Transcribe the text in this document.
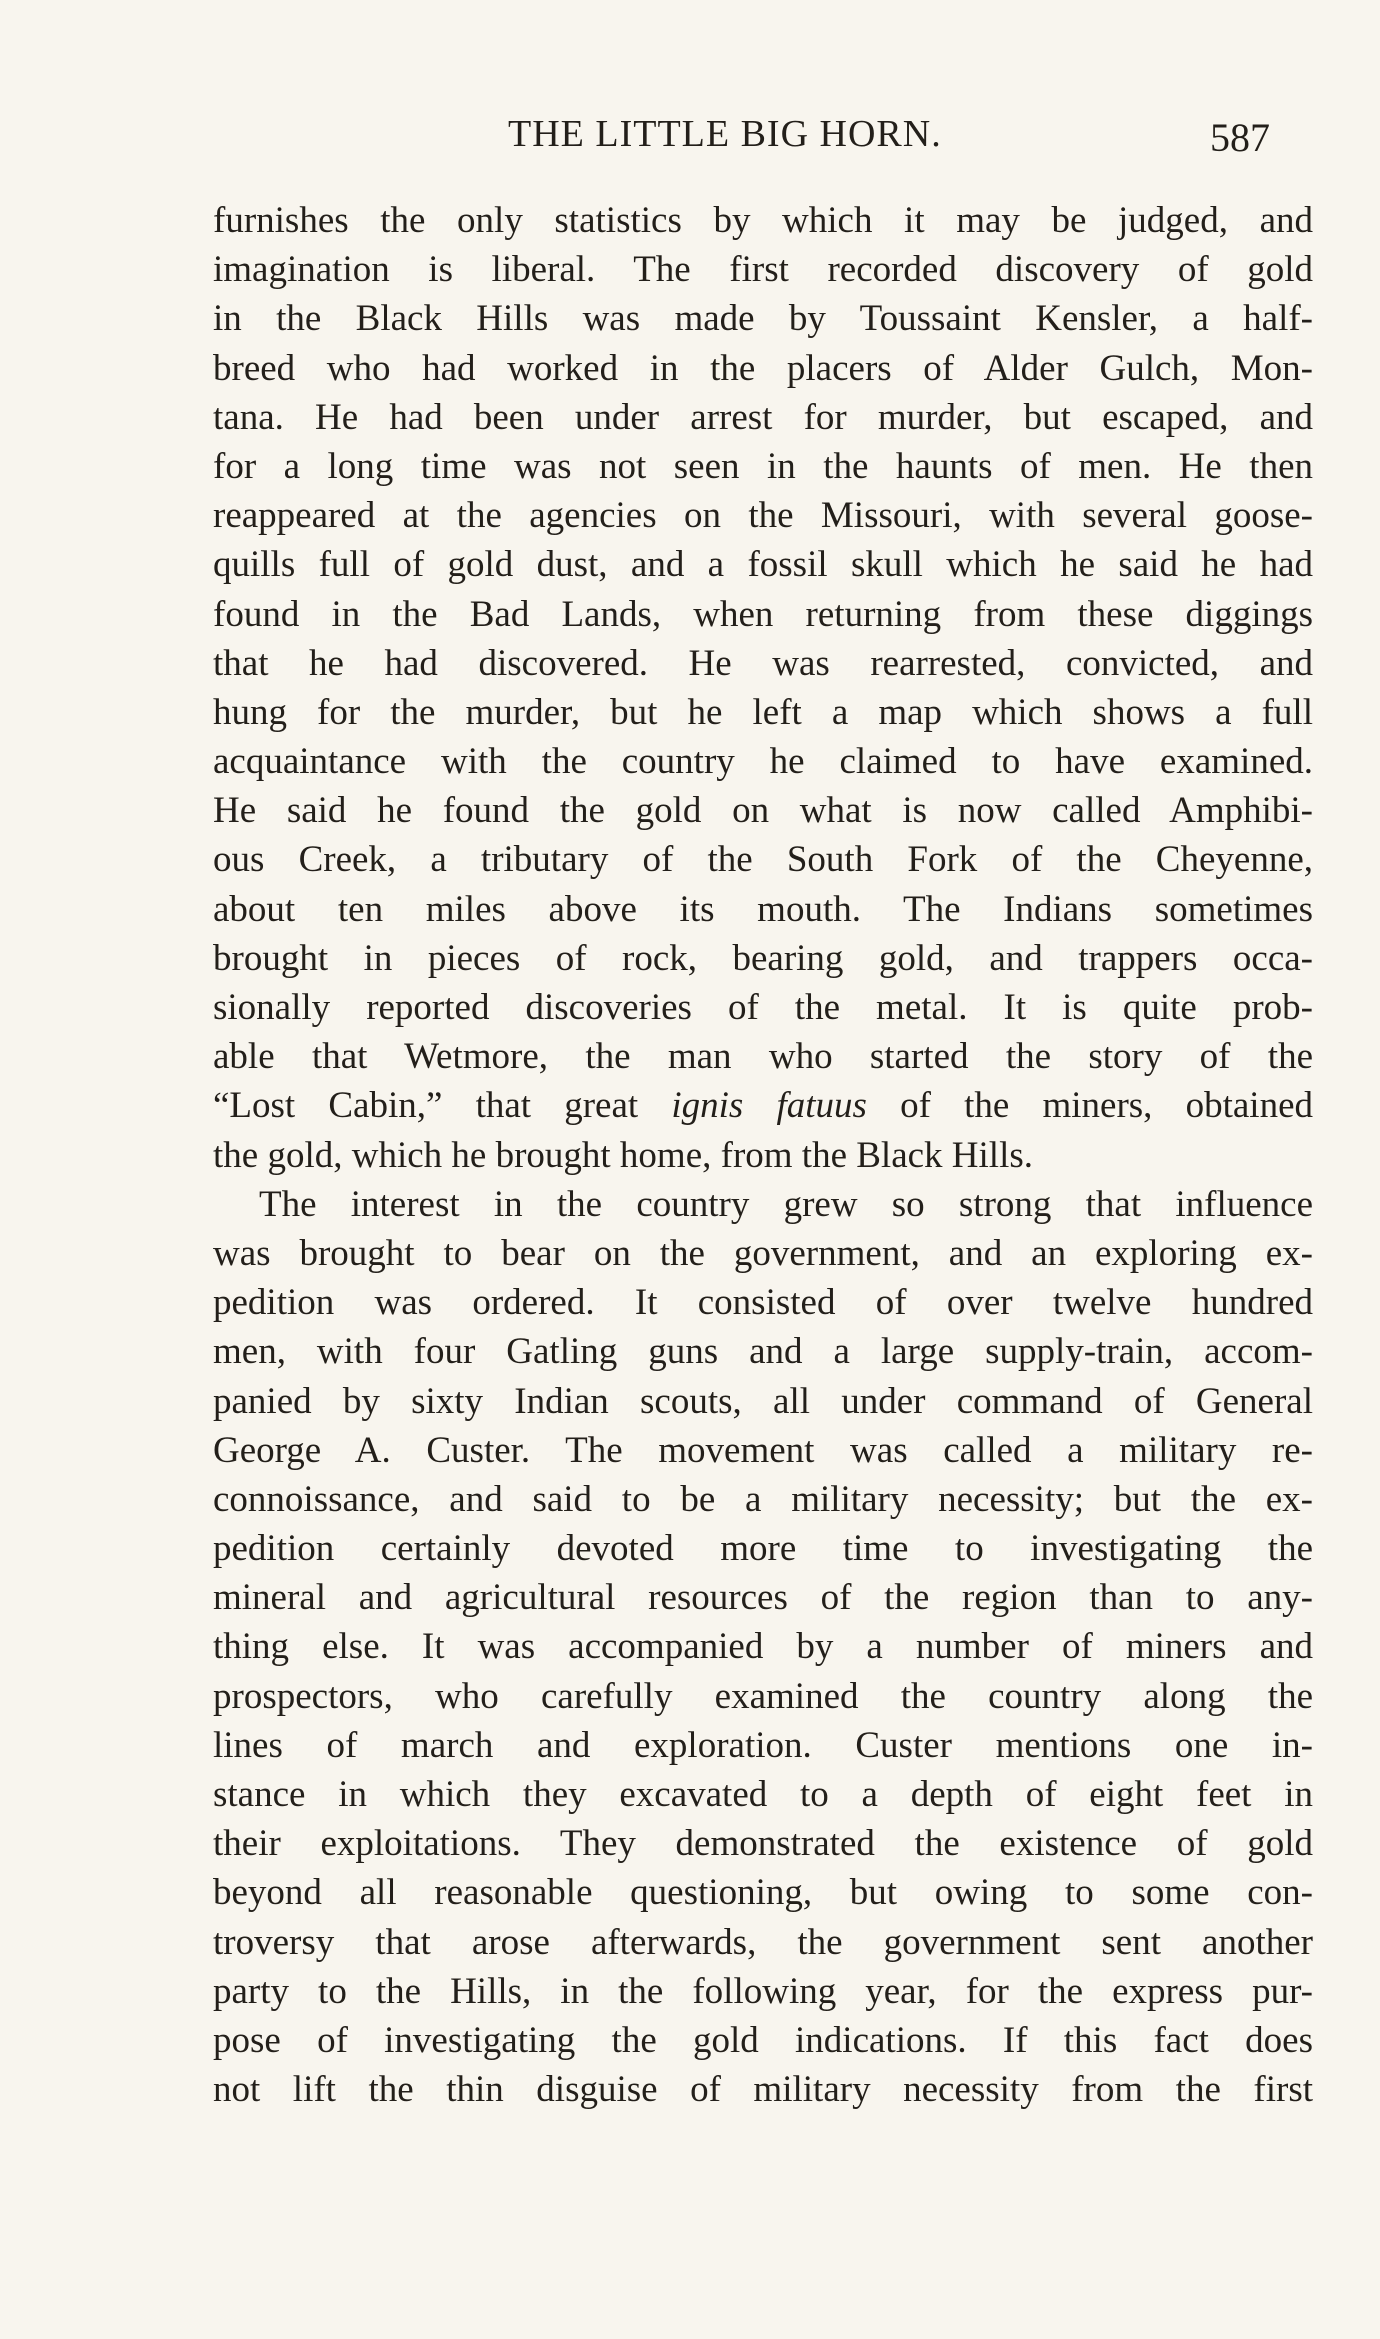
THE LITTLE BIG HORN.	587
furnishes the only statistics by which it may be judged, and
imagination is liberal. The first recorded discovery of gold
in the Black Hills was made by Toussaint Kensler, a half-
breed who had worked in the placers of Alder Gulch, Mon-
tana. He had been under arrest for murder, but escaped, and
for a long time was not seen in the haunts of men. He then
reappeared at the agencies on the Missouri, with several goose-
quills full of gold dust, and a fossil skull which he said he had
found in the Bad Lands, when returning from these diggings
that he had discovered. He was rearrested, convicted, and
hung for the murder, but he left a map which shows a full
acquaintance with the country he claimed to have examined.
He said he found the gold on what is now called Amphibi-
ous Creek, a tributary of the South Fork of the Cheyenne,
about ten miles above its mouth. The Indians sometimes
brought in pieces of rock, bearing gold, and trappers occa-
sionally reported discoveries of the metal. It is quite prob-
able that Wetmore, the man who started the story of the
“Lost Cabin,” that great ignis fatuus of the miners, obtained
the gold, which he brought home, from the Black Hills.
The interest in the country grew so strong that influence
was brought to bear on the government, and an exploring ex-
pedition was ordered. It consisted of over twelve hundred
men, with four Gatling guns and a large supply-train, accom-
panied by sixty Indian scouts, all under command of General
George A. Custer. The movement was called a military re-
connoissance, and said to be a military necessity; but the ex-
pedition certainly devoted more time to investigating the
mineral and agricultural resources of the region than to any-
thing else. It was accompanied by a number of miners and
prospectors, who carefully examined the country along the
lines of march and exploration. Custer mentions one in-
stance in which they excavated to a depth of eight feet in
their exploitations. They demonstrated the existence of gold
beyond all reasonable questioning, but owing to some con-
troversy that arose afterwards, the government sent another
party to the Hills, in the following year, for the express pur-
pose of investigating the gold indications. If this fact does
not lift the thin disguise of military necessity from the first
